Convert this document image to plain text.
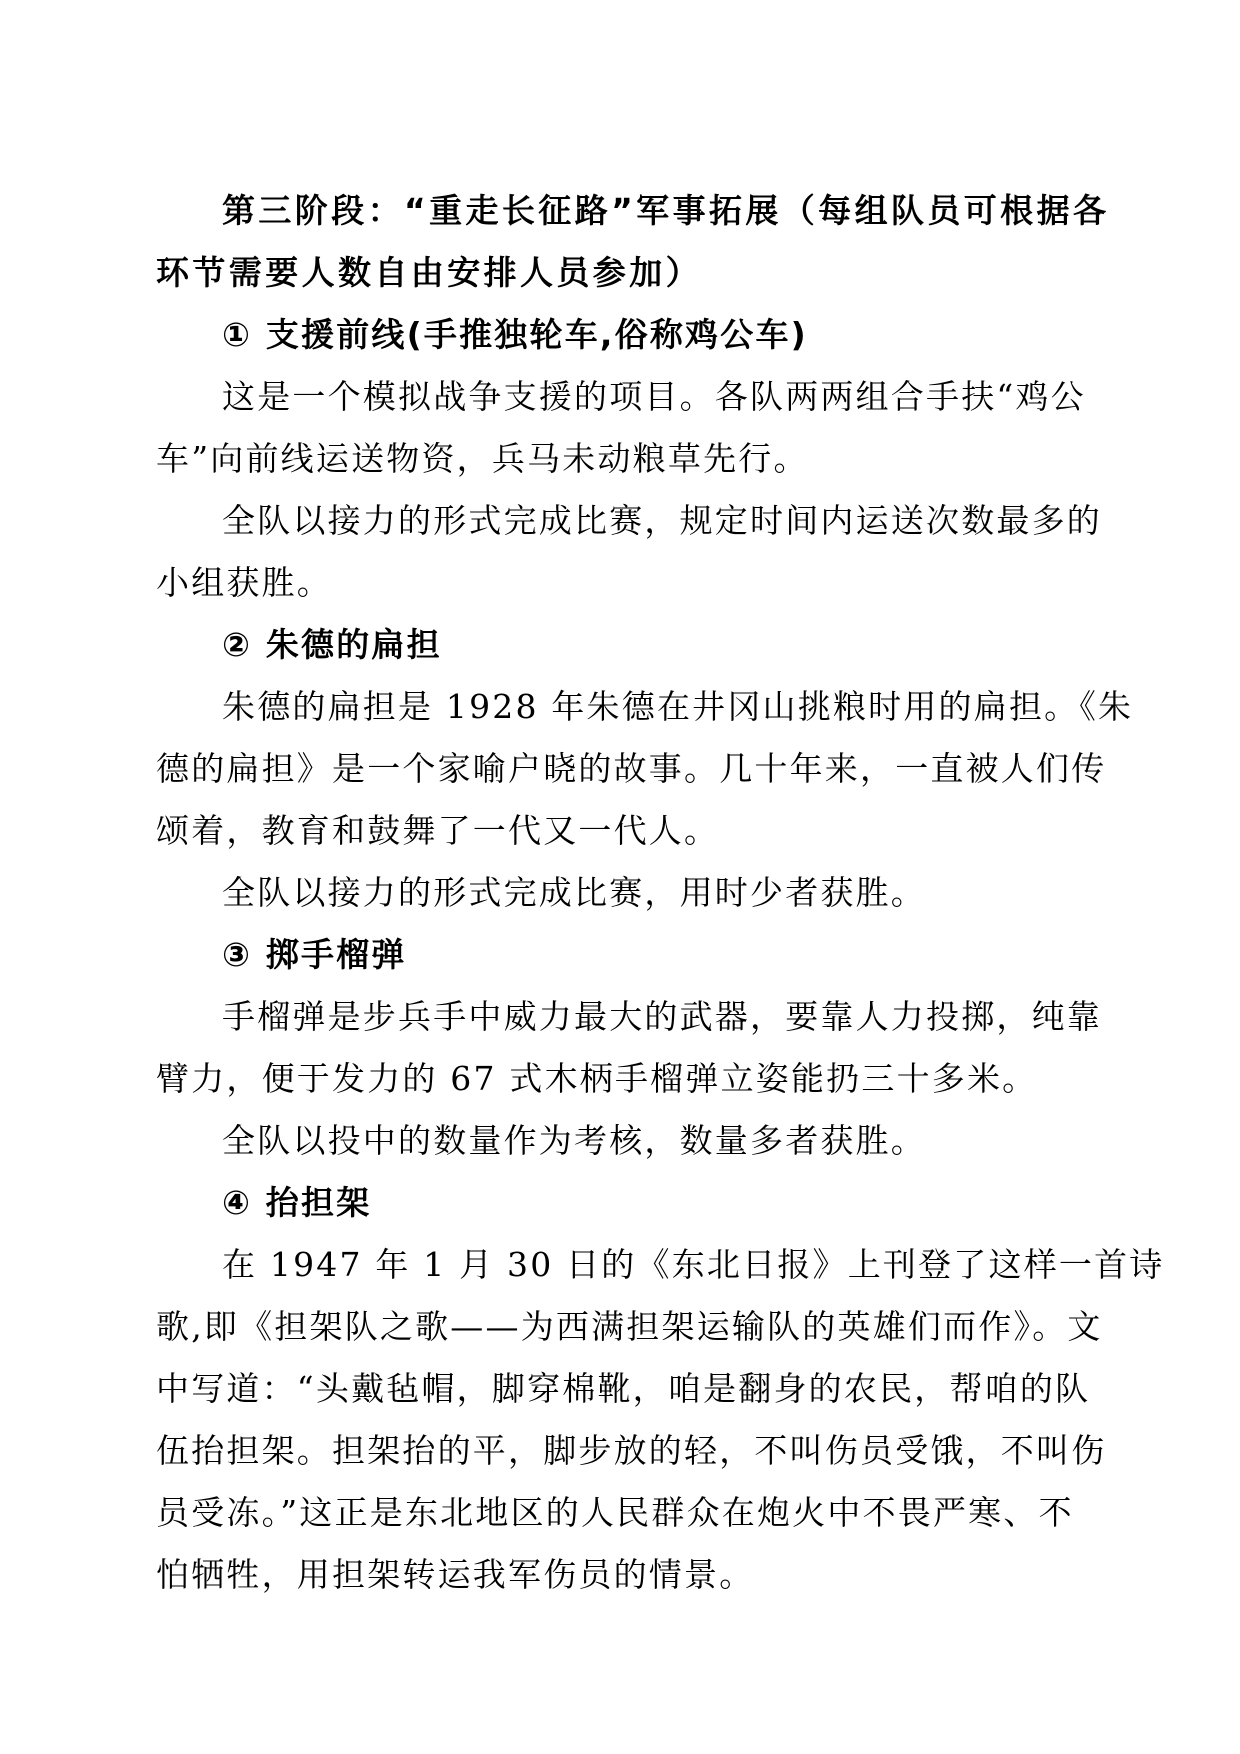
第三阶段：“重走长征路”军事拓展（每组队员可根据各
环节需要人数自由安排人员参加）
① 支援前线(手推独轮车,俗称鸡公车)
这是一个模拟战争支援的项目。各队两两组合手扶“鸡公
车”向前线运送物资，兵马未动粮草先行。
全队以接力的形式完成比赛，规定时间内运送次数最多的
小组获胜。
② 朱德的扁担
朱德的扁担是 1928 年朱德在井冈山挑粮时用的扁担。《朱
德的扁担》是一个家喻户晓的故事。几十年来，一直被人们传
颂着，教育和鼓舞了一代又一代人。
全队以接力的形式完成比赛，用时少者获胜。
③ 掷手榴弹
手榴弹是步兵手中威力最大的武器，要靠人力投掷，纯靠
臂力，便于发力的 67 式木柄手榴弹立姿能扔三十多米。
全队以投中的数量作为考核，数量多者获胜。
④ 抬担架
在 1947 年 1 月 30 日的《东北日报》上刊登了这样一首诗
歌,即《担架队之歌——为西满担架运输队的英雄们而作》。文
中写道：“头戴毡帽，脚穿棉靴，咱是翻身的农民，帮咱的队
伍抬担架。担架抬的平，脚步放的轻，不叫伤员受饿，不叫伤
员受冻。”这正是东北地区的人民群众在炮火中不畏严寒、不
怕牺牲，用担架转运我军伤员的情景。
